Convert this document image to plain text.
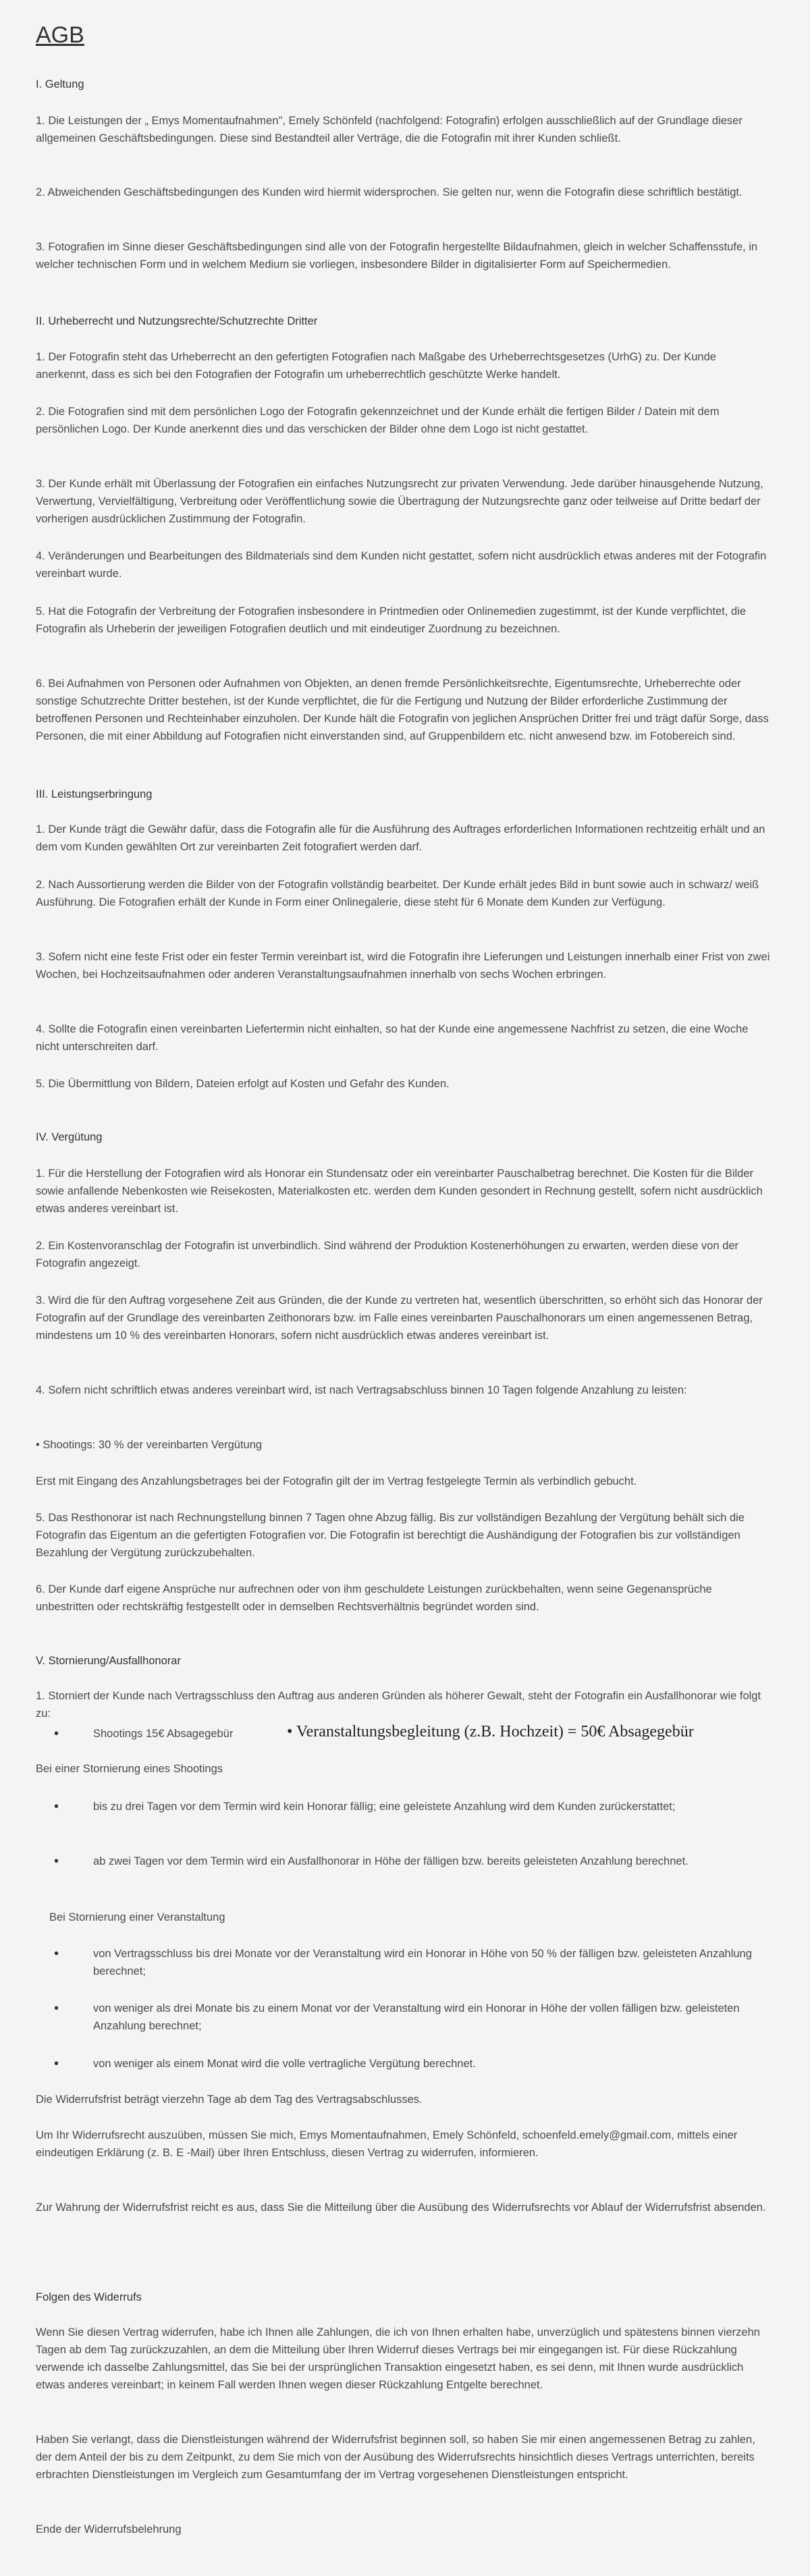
AGB

I. Geltung

1. Die Leistungen der „ Emys Momentaufnahmen", Emely Schönfeld (nachfolgend: Fotografin) erfolgen ausschließlich auf der Grundlage dieser allgemeinen Geschäftsbedingungen. Diese sind Bestandteil aller Verträge, die die Fotografin mit ihrer Kunden schließt.

2. Abweichenden Geschäftsbedingungen des Kunden wird hiermit widersprochen. Sie gelten nur, wenn die Fotografin diese schriftlich bestätigt.

3. Fotografien im Sinne dieser Geschäftsbedingungen sind alle von der Fotografin hergestellte Bildaufnahmen, gleich in welcher Schaffensstufe, in welcher technischen Form und in welchem Medium sie vorliegen, insbesondere Bilder in digitalisierter Form auf Speichermedien.

II. Urheberrecht und Nutzungsrechte/Schutzrechte Dritter

1. Der Fotografin steht das Urheberrecht an den gefertigten Fotografien nach Maßgabe des Urheberrechtsgesetzes (UrhG) zu. Der Kunde anerkennt, dass es sich bei den Fotografien der Fotografin um urheberrechtlich geschützte Werke handelt.

2. Die Fotografien sind mit dem persönlichen Logo der Fotografin gekennzeichnet und der Kunde erhält die fertigen Bilder / Datein mit dem persönlichen Logo. Der Kunde anerkennt dies und das verschicken der Bilder ohne dem Logo ist nicht gestattet.

3. Der Kunde erhält mit Überlassung der Fotografien ein einfaches Nutzungsrecht zur privaten Verwendung. Jede darüber hinausgehende Nutzung, Verwertung, Vervielfältigung, Verbreitung oder Veröffentlichung sowie die Übertragung der Nutzungsrechte ganz oder teilweise auf Dritte bedarf der vorherigen ausdrücklichen Zustimmung der Fotografin.

4. Veränderungen und Bearbeitungen des Bildmaterials sind dem Kunden nicht gestattet, sofern nicht ausdrücklich etwas anderes mit der Fotografin vereinbart wurde.

5. Hat die Fotografin der Verbreitung der Fotografien insbesondere in Printmedien oder Onlinemedien zugestimmt, ist der Kunde verpflichtet, die Fotografin als Urheberin der jeweiligen Fotografien deutlich und mit eindeutiger Zuordnung zu bezeichnen.

6. Bei Aufnahmen von Personen oder Aufnahmen von Objekten, an denen fremde Persönlichkeitsrechte, Eigentumsrechte, Urheberrechte oder sonstige Schutzrechte Dritter bestehen, ist der Kunde verpflichtet, die für die Fertigung und Nutzung der Bilder erforderliche Zustimmung der betroffenen Personen und Rechteinhaber einzuholen. Der Kunde hält die Fotografin von jeglichen Ansprüchen Dritter frei und trägt dafür Sorge, dass Personen, die mit einer Abbildung auf Fotografien nicht einverstanden sind, auf Gruppenbildern etc. nicht anwesend bzw. im Fotobereich sind.

III. Leistungserbringung

1. Der Kunde trägt die Gewähr dafür, dass die Fotografin alle für die Ausführung des Auftrages erforderlichen Informationen rechtzeitig erhält und an dem vom Kunden gewählten Ort zur vereinbarten Zeit fotografiert werden darf.

2. Nach Aussortierung werden die Bilder von der Fotografin vollständig bearbeitet. Der Kunde erhält jedes Bild in bunt sowie auch in schwarz/ weiß Ausführung. Die Fotografien erhält der Kunde in Form einer Onlinegalerie, diese steht für 6 Monate dem Kunden zur Verfügung.

3. Sofern nicht eine feste Frist oder ein fester Termin vereinbart ist, wird die Fotografin ihre Lieferungen und Leistungen innerhalb einer Frist von zwei Wochen, bei Hochzeitsaufnahmen oder anderen Veranstaltungsaufnahmen innerhalb von sechs Wochen erbringen.

4. Sollte die Fotografin einen vereinbarten Liefertermin nicht einhalten, so hat der Kunde eine angemessene Nachfrist zu setzen, die eine Woche nicht unterschreiten darf.

5. Die Übermittlung von Bildern, Dateien erfolgt auf Kosten und Gefahr des Kunden.

IV. Vergütung

1. Für die Herstellung der Fotografien wird als Honorar ein Stundensatz oder ein vereinbarter Pauschalbetrag berechnet. Die Kosten für die Bilder sowie anfallende Nebenkosten wie Reisekosten, Materialkosten etc. werden dem Kunden gesondert in Rechnung gestellt, sofern nicht ausdrücklich etwas anderes vereinbart ist.

2. Ein Kostenvoranschlag der Fotografin ist unverbindlich. Sind während der Produktion Kostenerhöhungen zu erwarten, werden diese von der Fotografin angezeigt.

3. Wird die für den Auftrag vorgesehene Zeit aus Gründen, die der Kunde zu vertreten hat, wesentlich überschritten, so erhöht sich das Honorar der Fotografin auf der Grundlage des vereinbarten Zeithonorars bzw. im Falle eines vereinbarten Pauschalhonorars um einen angemessenen Betrag, mindestens um 10 % des vereinbarten Honorars, sofern nicht ausdrücklich etwas anderes vereinbart ist.

4. Sofern nicht schriftlich etwas anderes vereinbart wird, ist nach Vertragsabschluss binnen 10 Tagen folgende Anzahlung zu leisten:

• Shootings: 30 % der vereinbarten Vergütung

Erst mit Eingang des Anzahlungsbetrages bei der Fotografin gilt der im Vertrag festgelegte Termin als verbindlich gebucht.

5. Das Resthonorar ist nach Rechnungstellung binnen 7 Tagen ohne Abzug fällig. Bis zur vollständigen Bezahlung der Vergütung behält sich die Fotografin das Eigentum an die gefertigten Fotografien vor. Die Fotografin ist berechtigt die Aushändigung der Fotografien bis zur vollständigen Bezahlung der Vergütung zurückzubehalten.

6. Der Kunde darf eigene Ansprüche nur aufrechnen oder von ihm geschuldete Leistungen zurückbehalten, wenn seine Gegenansprüche unbestritten oder rechtskräftig festgestellt oder in demselben Rechtsverhältnis begründet worden sind.

V. Stornierung/Ausfallhonorar

1. Storniert der Kunde nach Vertragsschluss den Auftrag aus anderen Gründen als höherer Gewalt, steht der Fotografin ein Ausfallhonorar wie folgt zu:

•	Shootings 15€ Absagegebür	• Veranstaltungsbegleitung (z.B. Hochzeit) = 50€ Absagegebür

Bei einer Stornierung eines Shootings

•	bis zu drei Tagen vor dem Termin wird kein Honorar fällig; eine geleistete Anzahlung wird dem Kunden zurückerstattet;

•	ab zwei Tagen vor dem Termin wird ein Ausfallhonorar in Höhe der fälligen bzw. bereits geleisteten Anzahlung berechnet.

Bei Stornierung einer Veranstaltung

•	von Vertragsschluss bis drei Monate vor der Veranstaltung wird ein Honorar in Höhe von 50 % der fälligen bzw. geleisteten Anzahlung berechnet;

•	von weniger als drei Monate bis zu einem Monat vor der Veranstaltung wird ein Honorar in Höhe der vollen fälligen bzw. geleisteten Anzahlung berechnet;

•	von weniger als einem Monat wird die volle vertragliche Vergütung berechnet.

Die Widerrufsfrist beträgt vierzehn Tage ab dem Tag des Vertragsabschlusses.

Um Ihr Widerrufsrecht auszuüben, müssen Sie mich, Emys Momentaufnahmen, Emely Schönfeld, schoenfeld.emely@gmail.com, mittels einer eindeutigen Erklärung (z. B. E -Mail) über Ihren Entschluss, diesen Vertrag zu widerrufen, informieren.

Zur Wahrung der Widerrufsfrist reicht es aus, dass Sie die Mitteilung über die Ausübung des Widerrufsrechts vor Ablauf der Widerrufsfrist absenden.

Folgen des Widerrufs

Wenn Sie diesen Vertrag widerrufen, habe ich Ihnen alle Zahlungen, die ich von Ihnen erhalten habe, unverzüglich und spätestens binnen vierzehn Tagen ab dem Tag zurückzuzahlen, an dem die Mitteilung über Ihren Widerruf dieses Vertrags bei mir eingegangen ist. Für diese Rückzahlung verwende ich dasselbe Zahlungsmittel, das Sie bei der ursprünglichen Transaktion eingesetzt haben, es sei denn, mit Ihnen wurde ausdrücklich etwas anderes vereinbart; in keinem Fall werden Ihnen wegen dieser Rückzahlung Entgelte berechnet.

Haben Sie verlangt, dass die Dienstleistungen während der Widerrufsfrist beginnen soll, so haben Sie mir einen angemessenen Betrag zu zahlen, der dem Anteil der bis zu dem Zeitpunkt, zu dem Sie mich von der Ausübung des Widerrufsrechts hinsichtlich dieses Vertrags unterrichten, bereits erbrachten Dienstleistungen im Vergleich zum Gesamtumfang der im Vertrag vorgesehenen Dienstleistungen entspricht.

Ende der Widerrufsbelehrung
